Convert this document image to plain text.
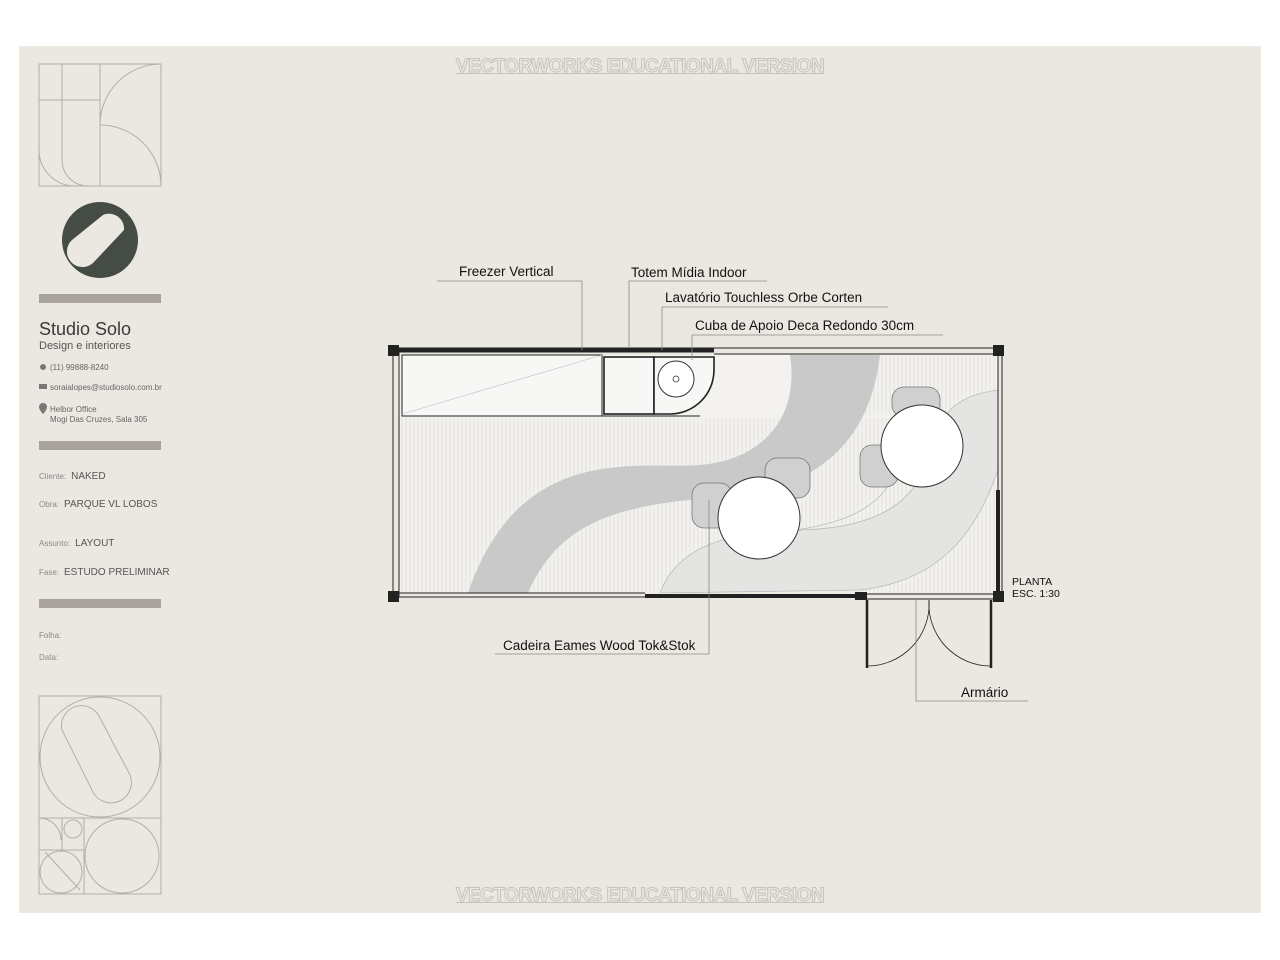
VECTORWORKS EDUCATIONAL VERSION
VECTORWORKS EDUCATIONAL VERSION
Studio Solo
Design e interiores
(11) 99888-8240
soraialopes@studiosolo.com.br
Helbor Office
Mogi Das Cruzes, Sala 305
Cliente: NAKED
Obra: PARQUE VL LOBOS
Assunto: LAYOUT
Fase: ESTUDO PRELIMINAR
Folha:
Data:
Freezer Vertical	Totem Mídia Indoor
Lavatório Touchless Orbe Corten
Cuba de Apoio Deca Redondo 30cm
Cadeira Eames Wood Tok&Stok
Armário
PLANTA
ESC. 1:30
